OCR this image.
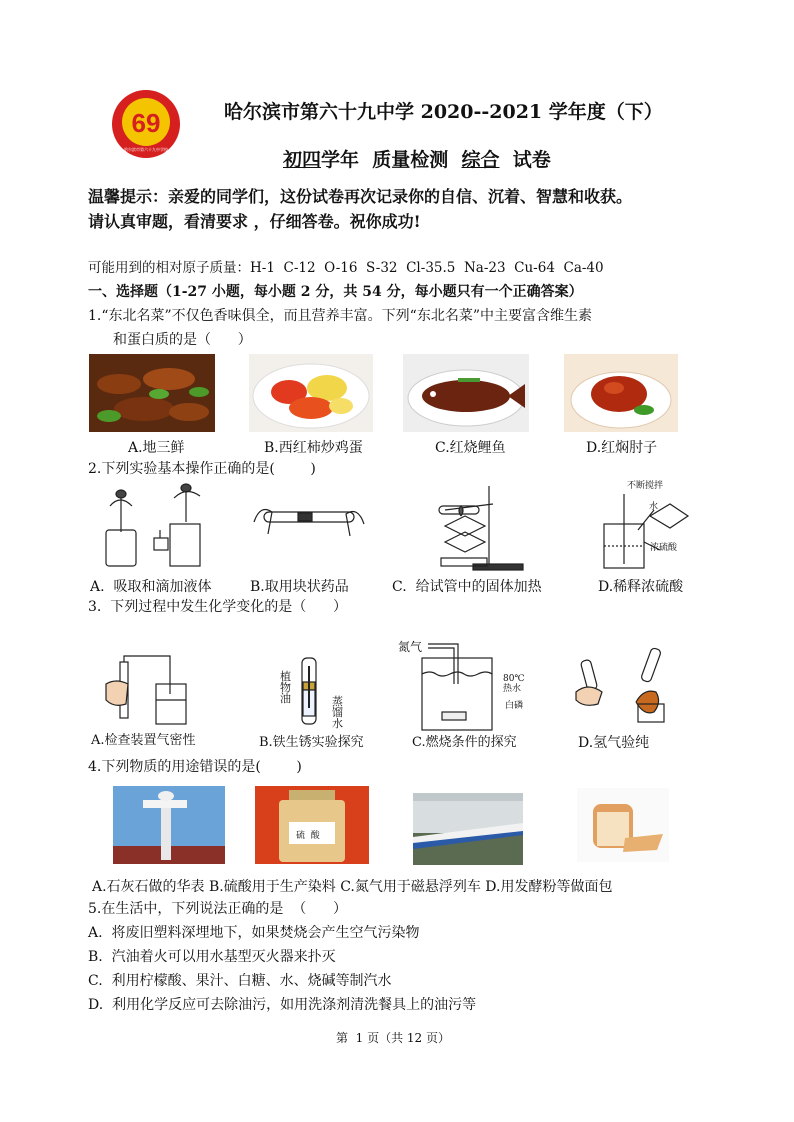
69
哈尔滨市第六十九中学校
哈尔滨市第六十九中学 2020--2021 学年度（下）
初四学年  质量检测  综合  试卷
温馨提示：亲爱的同学们，这份试卷再次记录你的自信、沉着、智慧和收获。
请认真审题，看清要求 ，仔细答卷。祝你成功!
可能用到的相对原子质量：H-1  C-12  O-16  S-32  Cl-35.5  Na-23  Cu-64  Ca-40
一、选择题（1-27 小题，每小题 2 分，共 54 分，每小题只有一个正确答案）
1.“东北名菜”不仅色香味俱全，而且营养丰富。下列“东北名菜”中主要富含维生素
和蛋白质的是（      ）
A.地三鲜	B.西红柿炒鸡蛋	C.红烧鲤鱼	D.红焖肘子
2.下列实验基本操作正确的是(        )
不断搅拌
水
浓硫酸
A.  吸取和滴加液体	B.取用块状药品	C.  给试管中的固体加热	D.稀释浓硫酸
3.  下列过程中发生化学变化的是（      ）
植
物
油	蒸
馏
水
氮气
80℃
热水
白磷
A.检查装置气密性	B.铁生锈实验探究	C.燃烧条件的探究	D.氢气验纯
4.下列物质的用途错误的是(        )
硫  酸
A.石灰石做的华表 B.硫酸用于生产染料 C.氮气用于磁悬浮列车 D.用发酵粉等做面包
5.在生活中，下列说法正确的是  （      ）
A.  将废旧塑料深埋地下，如果焚烧会产生空气污染物
B.  汽油着火可以用水基型灭火器来扑灭
C.  利用柠檬酸、果汁、白糖、水、烧碱等制汽水
D.  利用化学反应可去除油污，如用洗涤剂清洗餐具上的油污等
第  1 页（共 12 页）
